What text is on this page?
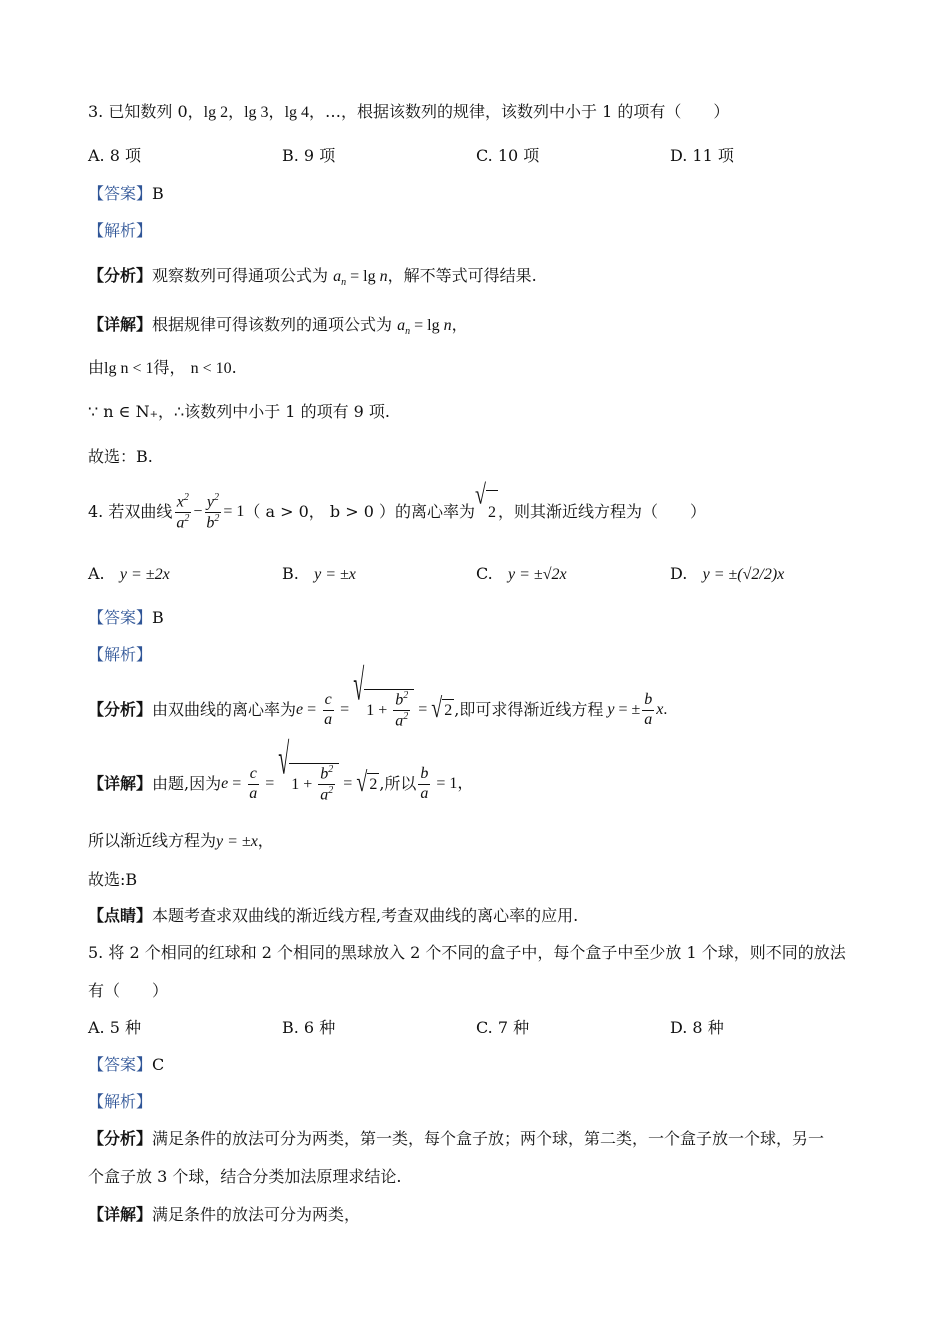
3. 已知数列 0，lg 2，lg 3，lg 4，…，根据该数列的规律，该数列中小于 1 的项有（　　）
A. 8 项	B. 9 项	C. 10 项	D. 11 项
【答案】B
【解析】
【分析】观察数列可得通项公式为 $a_n = \lg n$，解不等式可得结果.
【详解】根据规律可得该数列的通项公式为 $a_n = \lg n$，
由lg n < 1得， n < 10.
∵ n ∈ N₊，∴该数列中小于 1 的项有 9 项.
故选：B.
4. 若双曲线 $\frac{x^2}{a^2} - \frac{y^2}{b^2} = 1$ （ a > 0， b > 0 ）的离心率为
√
2 ，则其渐近线方程为（　　）
A. y = ±2x	B. y = ±x	C. y = ±√2x	D. y = ±(√2/2)x
【答案】B
【解析】
【分析】 由双曲线的离心率为 $e = \frac{c}{a}$ = √ $1 + \frac{b^2}{a^2}$ = √ 2 ,即可求得渐近线方程 y = ± $\frac{b}{a}$ x .
【详解】 由题,因为 $e = \frac{c}{a}$ = √ $1 + \frac{b^2}{a^2}$ = √ 2 ,所以 $\frac{b}{a} = 1$，
所以渐近线方程为y = ±x，
故选:B
【点睛】本题考查求双曲线的渐近线方程,考查双曲线的离心率的应用.
5. 将 2 个相同的红球和 2 个相同的黑球放入 2 个不同的盒子中，每个盒子中至少放 1 个球，则不同的放法
有（　　）
A. 5 种	B. 6 种	C. 7 种	D. 8 种
【答案】C
【解析】
【分析】满足条件的放法可分为两类，第一类，每个盒子放；两个球，第二类，一个盒子放一个球，另一
个盒子放 3 个球，结合分类加法原理求结论.
【详解】满足条件的放法可分为两类，
